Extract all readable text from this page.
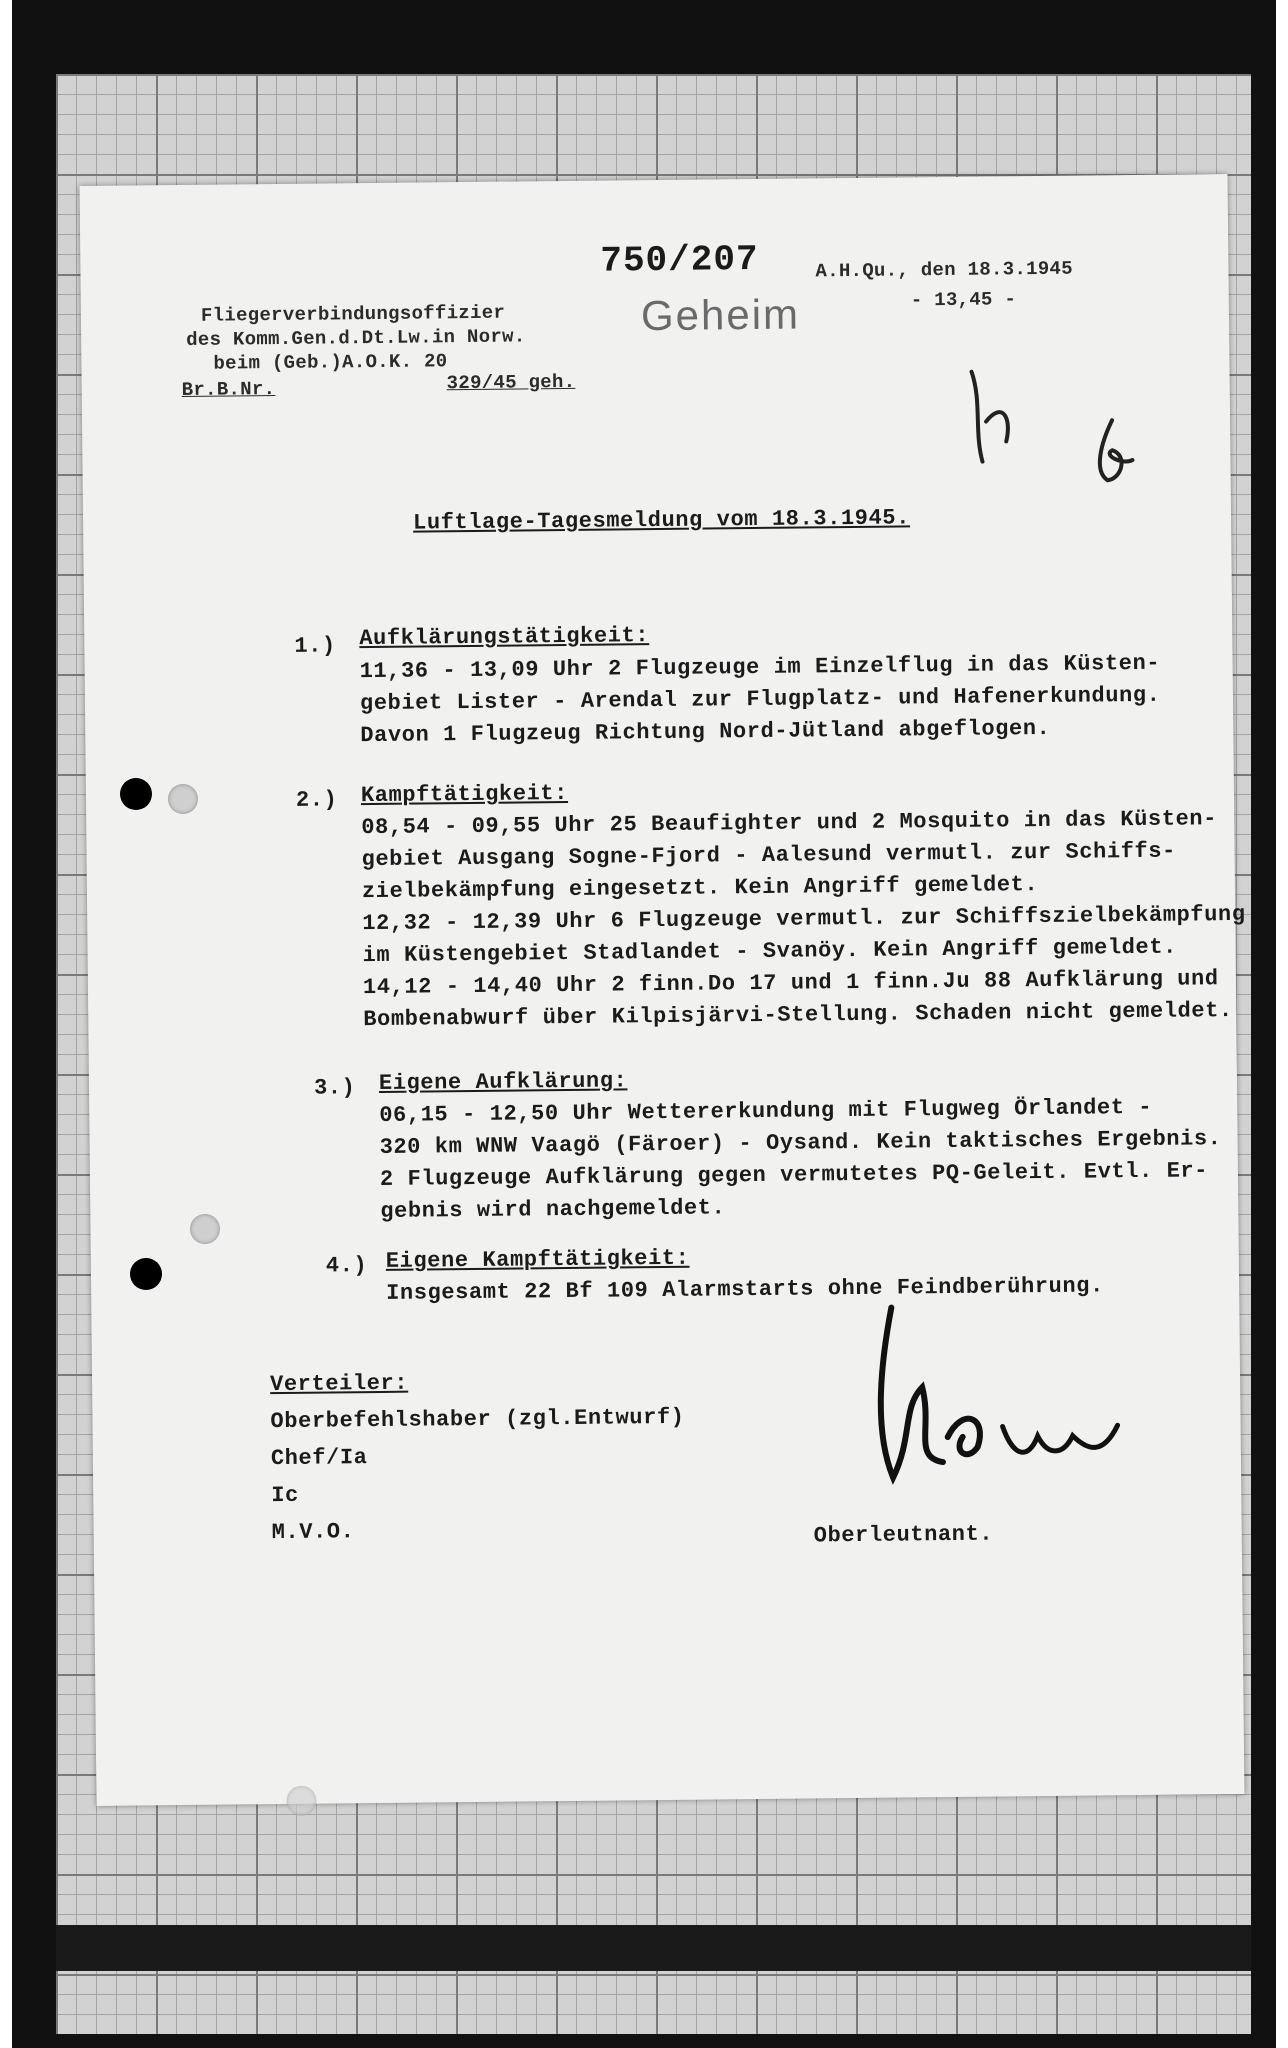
750/207	A.H.Qu., den 18.3.1945
- 13,45 -
Geheim
Fliegerverbindungsoffizier
des Komm.Gen.d.Dt.Lw.in Norw.
beim (Geb.)A.O.K. 20
Br.B.Nr.	329/45 geh.
Luftlage-Tagesmeldung vom 18.3.1945.
1.) Aufklärungstätigkeit:
11,36 - 13,09 Uhr 2 Flugzeuge im Einzelflug in das Küsten-
gebiet Lister - Arendal zur Flugplatz- und Hafenerkundung.
Davon 1 Flugzeug Richtung Nord-Jütland abgeflogen.
2.) Kampftätigkeit:
08,54 - 09,55 Uhr 25 Beaufighter und 2 Mosquito in das Küsten-
gebiet Ausgang Sogne-Fjord - Aalesund vermutl. zur Schiffs-
zielbekämpfung eingesetzt. Kein Angriff gemeldet.
12,32 - 12,39 Uhr 6 Flugzeuge vermutl. zur Schiffszielbekämpfung
im Küstengebiet Stadlandet - Svanöy. Kein Angriff gemeldet.
14,12 - 14,40 Uhr 2 finn.Do 17 und 1 finn.Ju 88 Aufklärung und
Bombenabwurf über Kilpisjärvi-Stellung. Schaden nicht gemeldet.
3.) Eigene Aufklärung:
06,15 - 12,50 Uhr Wettererkundung mit Flugweg Örlandet -
320 km WNW Vaagö (Färoer) - Oysand. Kein taktisches Ergebnis.
2 Flugzeuge Aufklärung gegen vermutetes PQ-Geleit. Evtl. Er-
gebnis wird nachgemeldet.
4.) Eigene Kampftätigkeit:
Insgesamt 22 Bf 109 Alarmstarts ohne Feindberührung.
Verteiler:
Oberbefehlshaber (zgl.Entwurf)
Chef/Ia
Ic
M.V.O.	Oberleutnant.
